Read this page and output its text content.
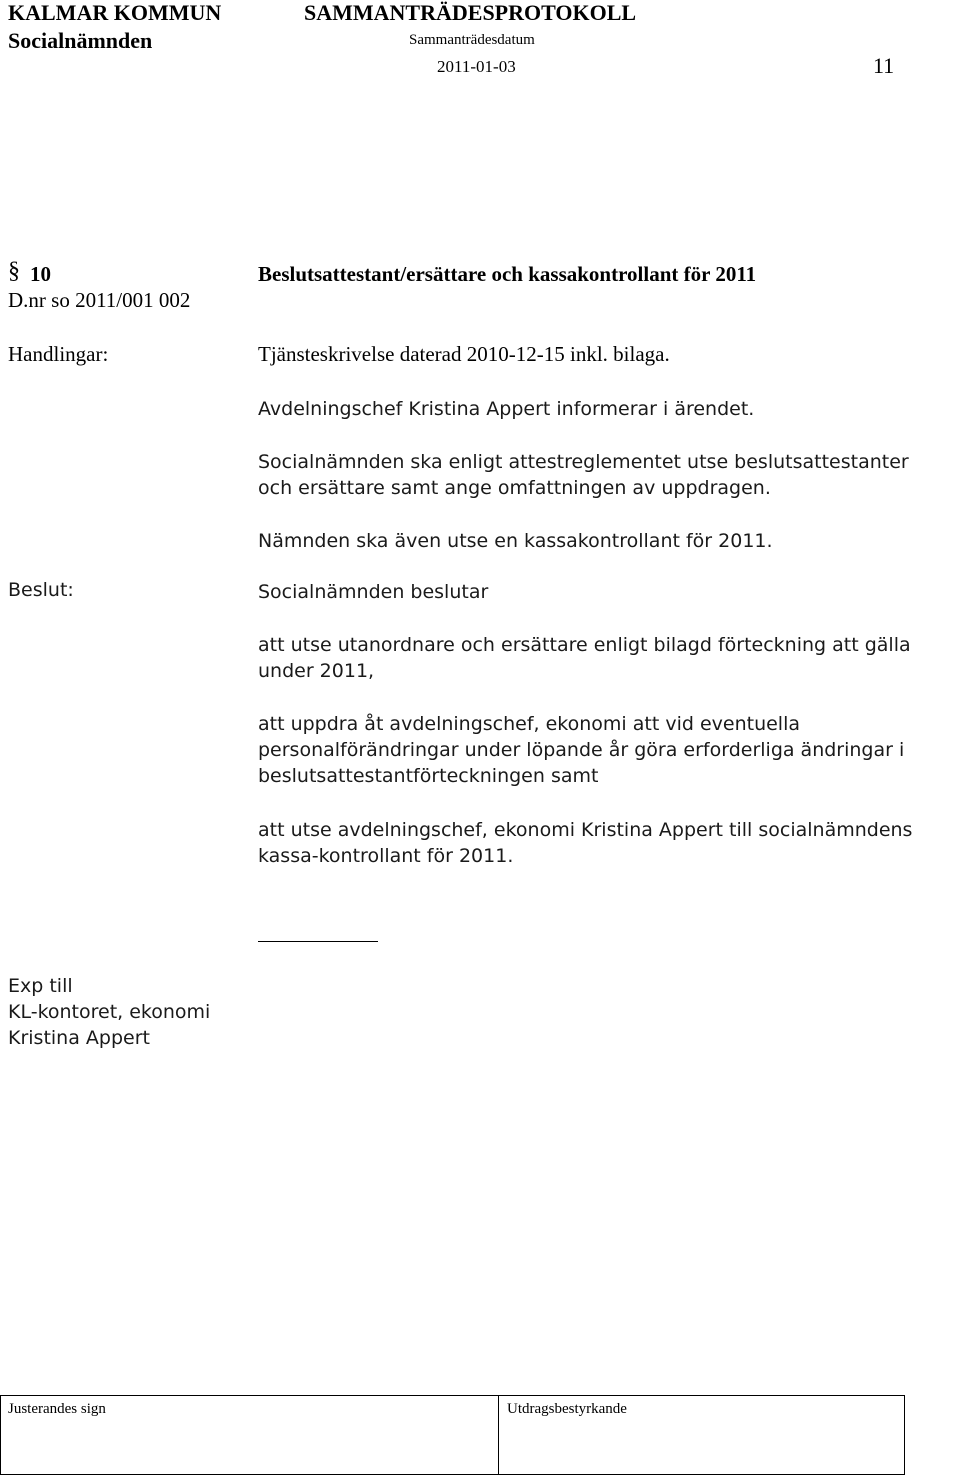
KALMAR KOMMUN
Socialnämnden
SAMMANTRÄDESPROTOKOLL
Sammanträdesdatum
2011-01-03	11
§ 10
D.nr so 2011/001 002
Beslutsattestant/ersättare och kassakontrollant för 2011
Handlingar:	Tjänsteskrivelse daterad 2010-12-15 inkl. bilaga.
Avdelningschef Kristina Appert informerar i ärendet.
Socialnämnden ska enligt attestreglementet utse beslutsattestanter och ersättare samt ange omfattningen av uppdragen.
Nämnden ska även utse en kassakontrollant för 2011.
Beslut:	Socialnämnden beslutar
att utse utanordnare och ersättare enligt bilagd förteckning att gälla under 2011,
att uppdra åt avdelningschef, ekonomi att vid eventuella personalförändringar under löpande år göra erforderliga ändringar i beslutsattestantförteckningen samt
att utse avdelningschef, ekonomi Kristina Appert till socialnämndens kassa-kontrollant för 2011.
Exp till
KL-kontoret, ekonomi
Kristina Appert
Justerandes sign	Utdragsbestyrkande
